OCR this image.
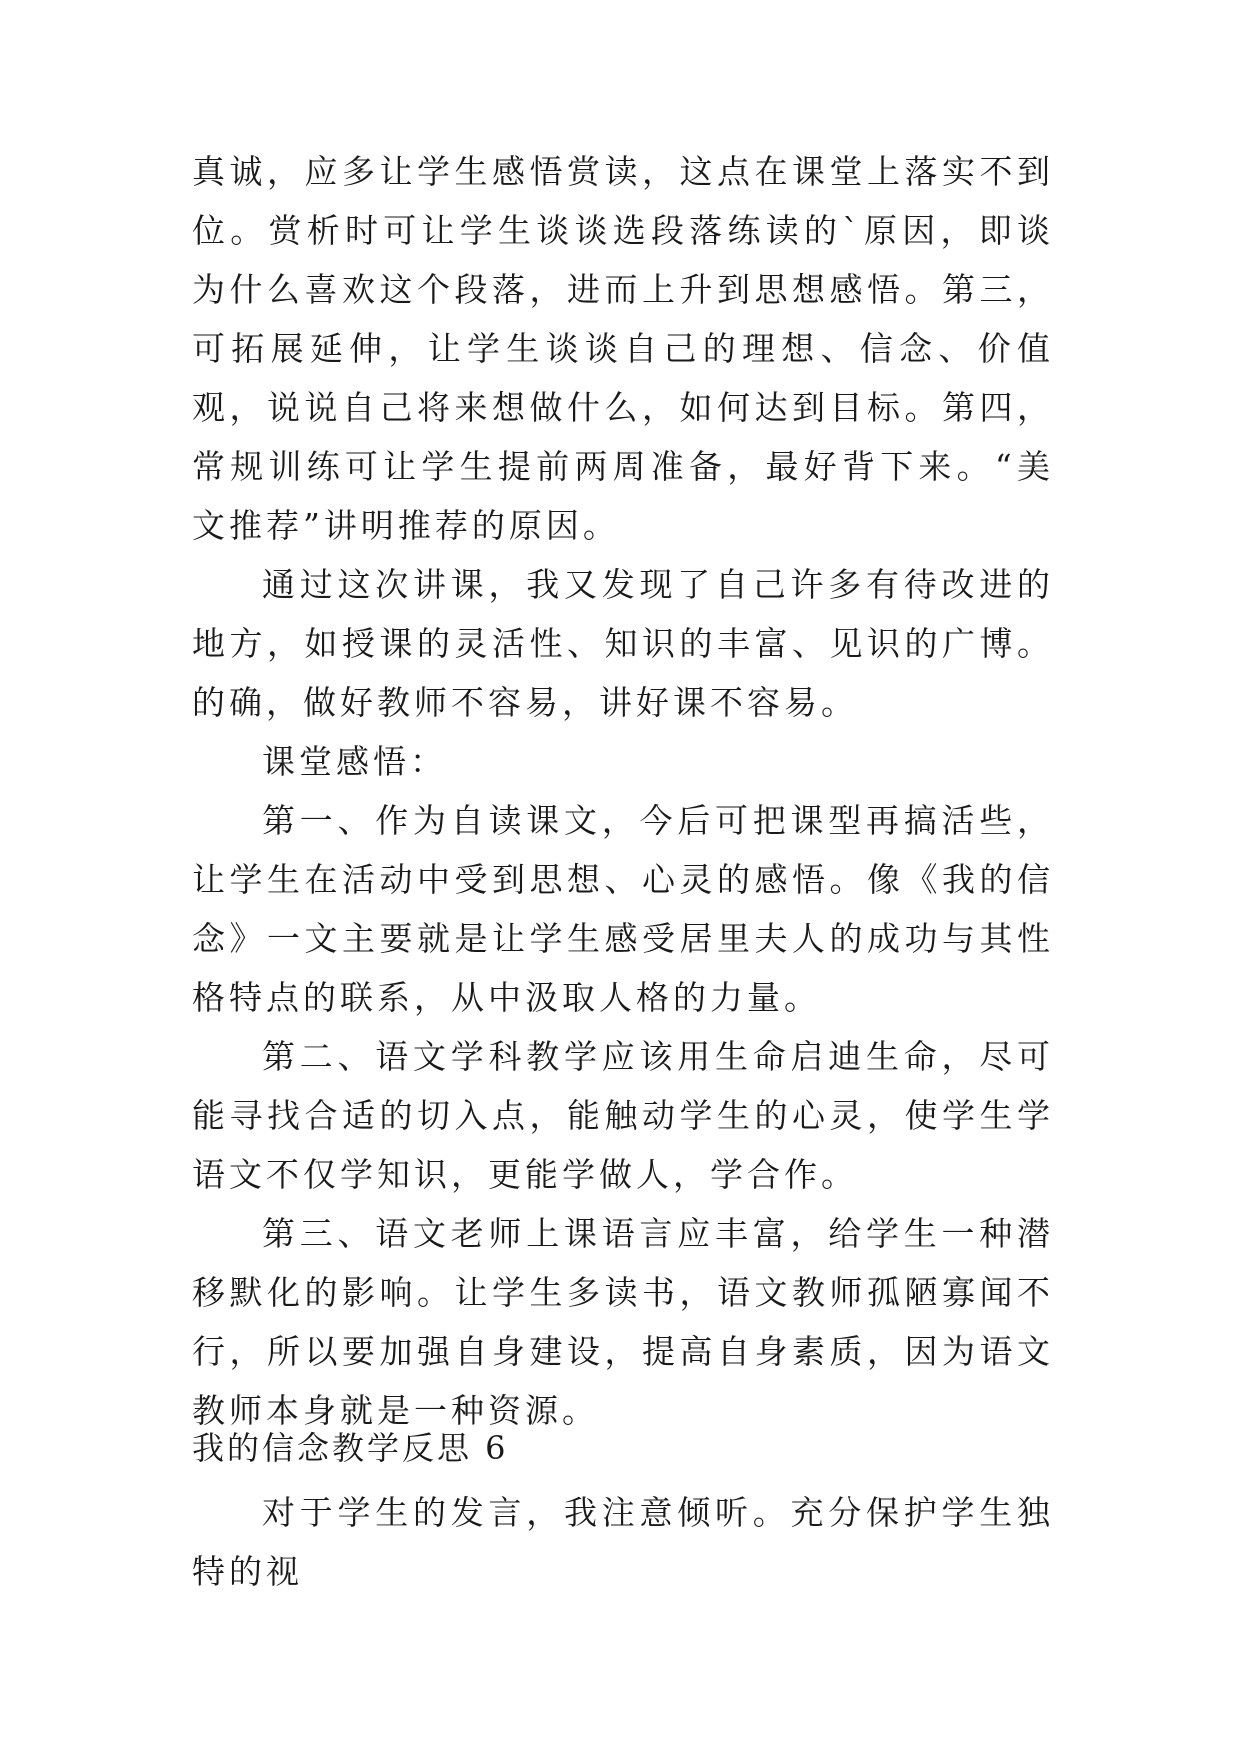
真诚，应多让学生感悟赏读，这点在课堂上落实不到位。赏析时可让学生谈谈选段落练读的`原因，即谈为什么喜欢这个段落，进而上升到思想感悟。第三，可拓展延伸，让学生谈谈自己的理想、信念、价值观，说说自己将来想做什么，如何达到目标。第四，常规训练可让学生提前两周准备，最好背下来。“美文推荐”讲明推荐的原因。

通过这次讲课，我又发现了自己许多有待改进的地方，如授课的灵活性、知识的丰富、见识的广博。的确，做好教师不容易，讲好课不容易。

课堂感悟：

第一、作为自读课文，今后可把课型再搞活些，让学生在活动中受到思想、心灵的感悟。像《我的信念》一文主要就是让学生感受居里夫人的成功与其性格特点的联系，从中汲取人格的力量。

第二、语文学科教学应该用生命启迪生命，尽可能寻找合适的切入点，能触动学生的心灵，使学生学语文不仅学知识，更能学做人，学合作。

第三、语文老师上课语言应丰富，给学生一种潜移默化的影响。让学生多读书，语文教师孤陋寡闻不行，所以要加强自身建设，提高自身素质，因为语文教师本身就是一种资源。

我的信念教学反思 6

对于学生的发言，我注意倾听。充分保护学生独特的视
